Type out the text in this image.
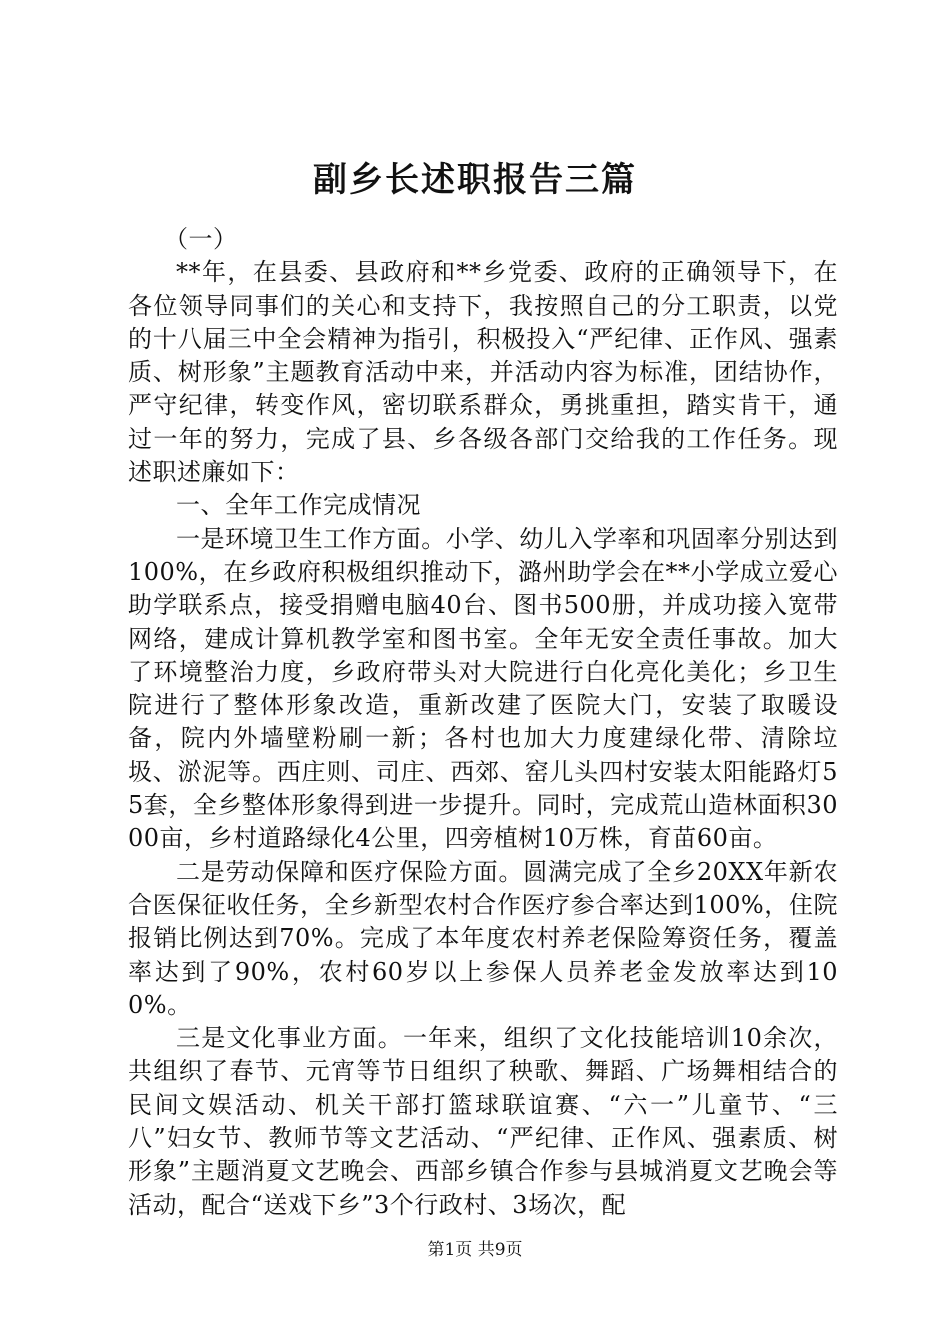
副乡长述职报告三篇

（一）

**年，在县委、县政府和**乡党委、政府的正确领导下，在各位领导同事们的关心和支持下，我按照自己的分工职责，以党的十八届三中全会精神为指引，积极投入“严纪律、正作风、强素质、树形象”主题教育活动中来，并活动内容为标准，团结协作，严守纪律，转变作风，密切联系群众，勇挑重担，踏实肯干，通过一年的努力，完成了县、乡各级各部门交给我的工作任务。现述职述廉如下：

一、全年工作完成情况

一是环境卫生工作方面。小学、幼儿入学率和巩固率分别达到100%，在乡政府积极组织推动下，潞州助学会在**小学成立爱心助学联系点，接受捐赠电脑40台、图书500册，并成功接入宽带网络，建成计算机教学室和图书室。全年无安全责任事故。加大了环境整治力度，乡政府带头对大院进行白化亮化美化；乡卫生院进行了整体形象改造，重新改建了医院大门，安装了取暖设备，院内外墙壁粉刷一新；各村也加大力度建绿化带、清除垃圾、淤泥等。西庄则、司庄、西郊、窑儿头四村安装太阳能路灯55套，全乡整体形象得到进一步提升。同时，完成荒山造林面积3000亩，乡村道路绿化4公里，四旁植树10万株，育苗60亩。

二是劳动保障和医疗保险方面。圆满完成了全乡20XX年新农合医保征收任务，全乡新型农村合作医疗参合率达到100%，住院报销比例达到70%。完成了本年度农村养老保险筹资任务，覆盖率达到了90%，农村60岁以上参保人员养老金发放率达到100%。

三是文化事业方面。一年来，组织了文化技能培训10余次，共组织了春节、元宵等节日组织了秧歌、舞蹈、广场舞相结合的民间文娱活动、机关干部打篮球联谊赛、“六一”儿童节、“三八”妇女节、教师节等文艺活动、“严纪律、正作风、强素质、树形象”主题消夏文艺晚会、西部乡镇合作参与县城消夏文艺晚会等活动，配合“送戏下乡”3个行政村、3场次，配

第1页 共9页
